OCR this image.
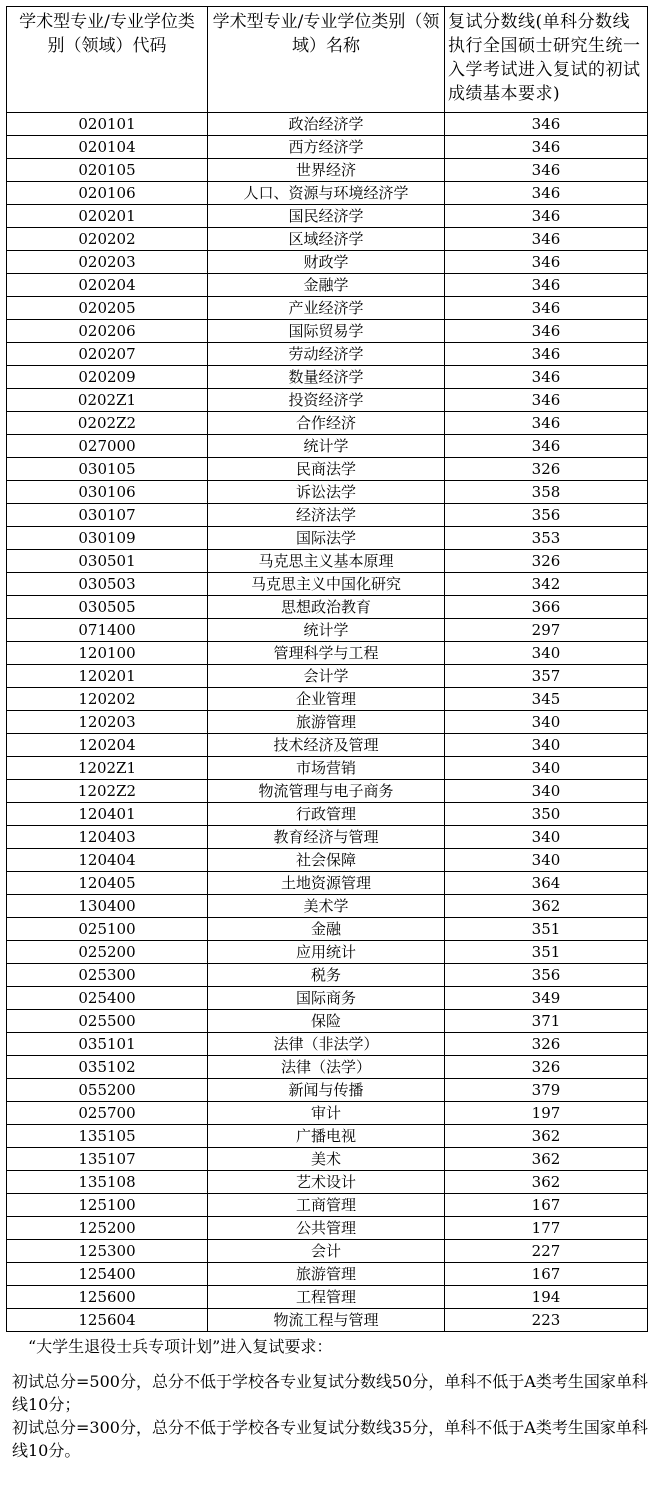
学术型专业/专业学位类 别（领域）代码	学术型专业/专业学位类别（领域）名称	复试分数线(单科分数线执行全国硕士研究生统一入学考试进入复试的初试成绩基本要求)

020101	政治经济学	346
020104	西方经济学	346
020105	世界经济	346
020106	人口、资源与环境经济学	346
020201	国民经济学	346
020202	区域经济学	346
020203	财政学	346
020204	金融学	346
020205	产业经济学	346
020206	国际贸易学	346
020207	劳动经济学	346
020209	数量经济学	346
0202Z1	投资经济学	346
0202Z2	合作经济	346
027000	统计学	346
030105	民商法学	326
030106	诉讼法学	358
030107	经济法学	356
030109	国际法学	353
030501	马克思主义基本原理	326
030503	马克思主义中国化研究	342
030505	思想政治教育	366
071400	统计学	297
120100	管理科学与工程	340
120201	会计学	357
120202	企业管理	345
120203	旅游管理	340
120204	技术经济及管理	340
1202Z1	市场营销	340
1202Z2	物流管理与电子商务	340
120401	行政管理	350
120403	教育经济与管理	340
120404	社会保障	340
120405	土地资源管理	364
130400	美术学	362
025100	金融	351
025200	应用统计	351
025300	税务	356
025400	国际商务	349
025500	保险	371
035101	法律（非法学）	326
035102	法律（法学）	326
055200	新闻与传播	379
025700	审计	197
135105	广播电视	362
135107	美术	362
135108	艺术设计	362
125100	工商管理	167
125200	公共管理	177
125300	会计	227
125400	旅游管理	167
125600	工程管理	194
125604	物流工程与管理	223

“大学生退役士兵专项计划”进入复试要求：

初试总分=500分，总分不低于学校各专业复试分数线50分，单科不低于A类考生国家单科线10分；

初试总分=300分，总分不低于学校各专业复试分数线35分，单科不低于A类考生国家单科线10分。
